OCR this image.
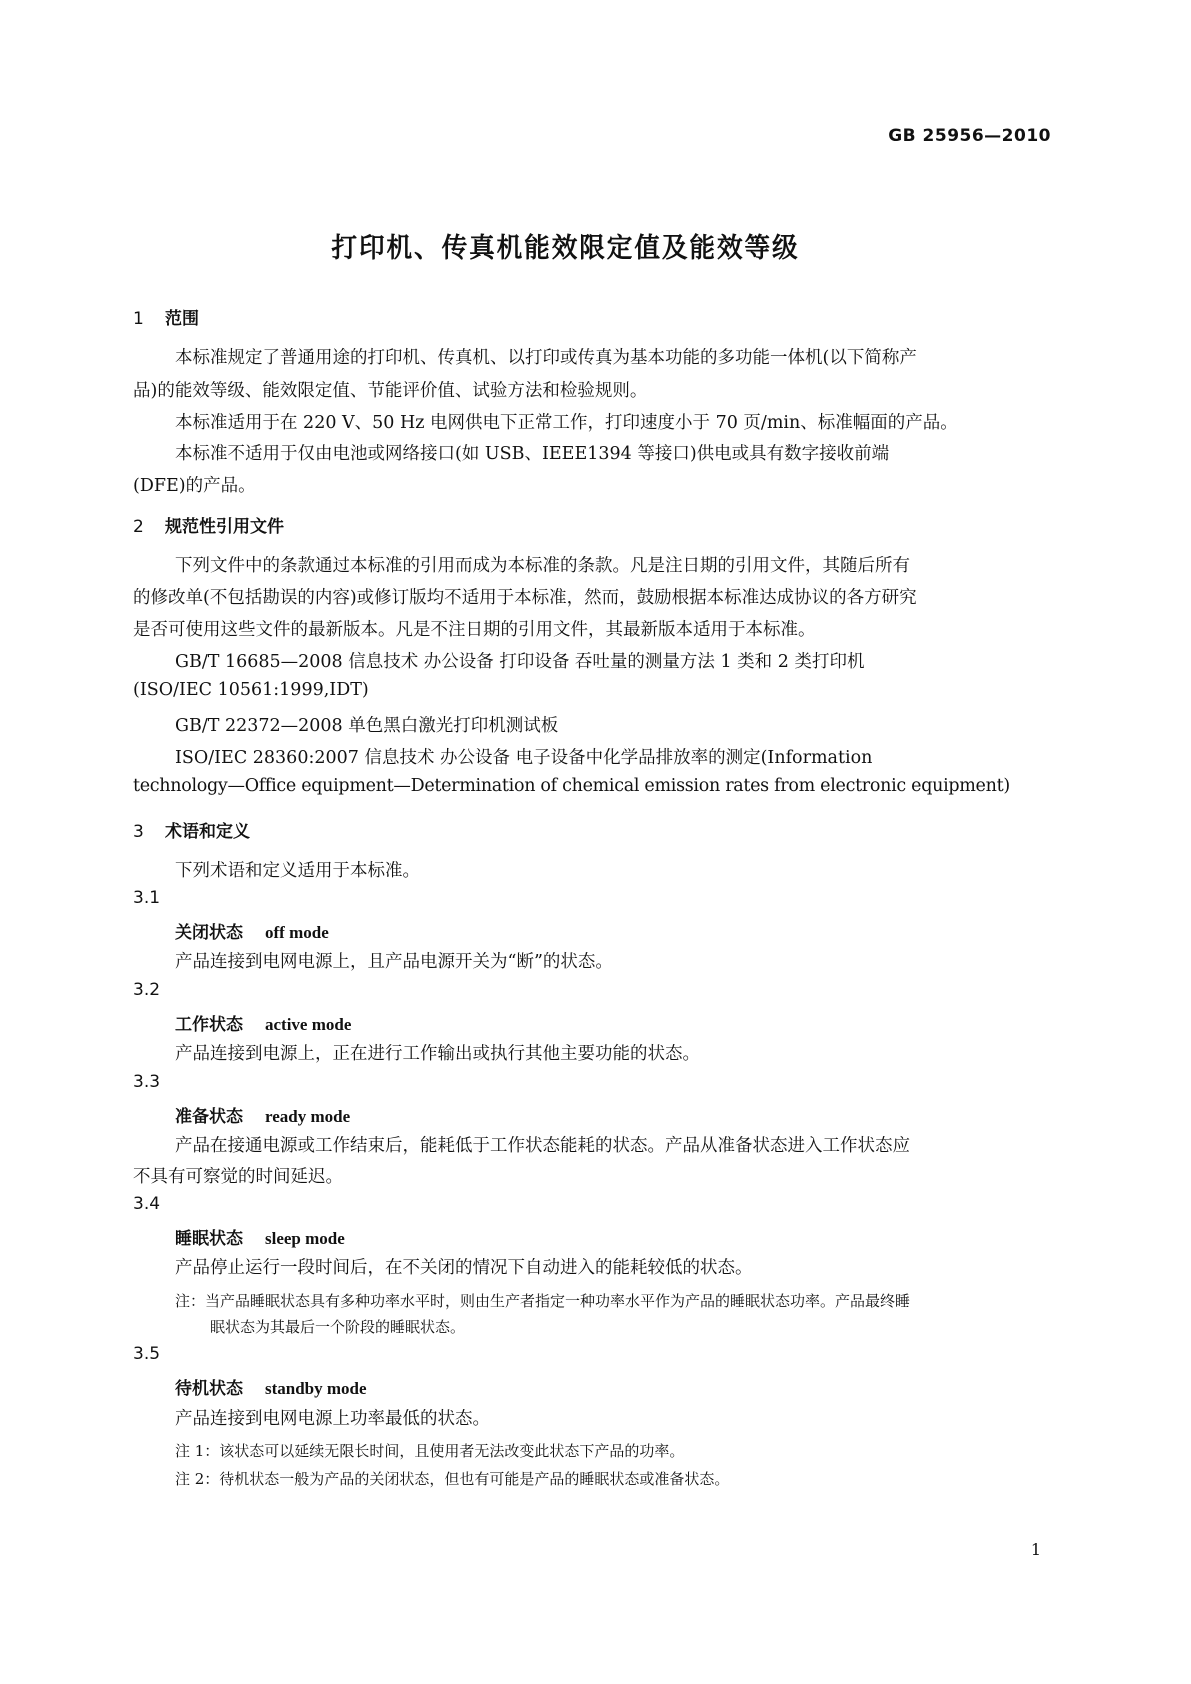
GB 25956—2010
打印机、传真机能效限定值及能效等级
1 范围
本标准规定了普通用途的打印机、传真机、以打印或传真为基本功能的多功能一体机(以下简称产
品)的能效等级、能效限定值、节能评价值、试验方法和检验规则。
本标准适用于在 220 V、50 Hz 电网供电下正常工作，打印速度小于 70 页/min、标准幅面的产品。
本标准不适用于仅由电池或网络接口(如 USB、IEEE1394 等接口)供电或具有数字接收前端
(DFE)的产品。
2 规范性引用文件
下列文件中的条款通过本标准的引用而成为本标准的条款。凡是注日期的引用文件，其随后所有
的修改单(不包括勘误的内容)或修订版均不适用于本标准，然而，鼓励根据本标准达成协议的各方研究
是否可使用这些文件的最新版本。凡是不注日期的引用文件，其最新版本适用于本标准。
GB/T 16685—2008 信息技术 办公设备 打印设备 吞吐量的测量方法 1 类和 2 类打印机
(ISO/IEC 10561:1999,IDT)
GB/T 22372—2008 单色黑白激光打印机测试板
ISO/IEC 28360:2007 信息技术 办公设备 电子设备中化学品排放率的测定(Information
technology—Office equipment—Determination of chemical emission rates from electronic equipment)
3 术语和定义
下列术语和定义适用于本标准。
3.1
关闭状态 off mode
产品连接到电网电源上，且产品电源开关为“断”的状态。
3.2
工作状态 active mode
产品连接到电源上，正在进行工作输出或执行其他主要功能的状态。
3.3
准备状态 ready mode
产品在接通电源或工作结束后，能耗低于工作状态能耗的状态。产品从准备状态进入工作状态应
不具有可察觉的时间延迟。
3.4
睡眠状态 sleep mode
产品停止运行一段时间后，在不关闭的情况下自动进入的能耗较低的状态。
注：当产品睡眠状态具有多种功率水平时，则由生产者指定一种功率水平作为产品的睡眠状态功率。产品最终睡
眠状态为其最后一个阶段的睡眠状态。
3.5
待机状态 standby mode
产品连接到电网电源上功率最低的状态。
注 1：该状态可以延续无限长时间，且使用者无法改变此状态下产品的功率。
注 2：待机状态一般为产品的关闭状态，但也有可能是产品的睡眠状态或准备状态。
1
